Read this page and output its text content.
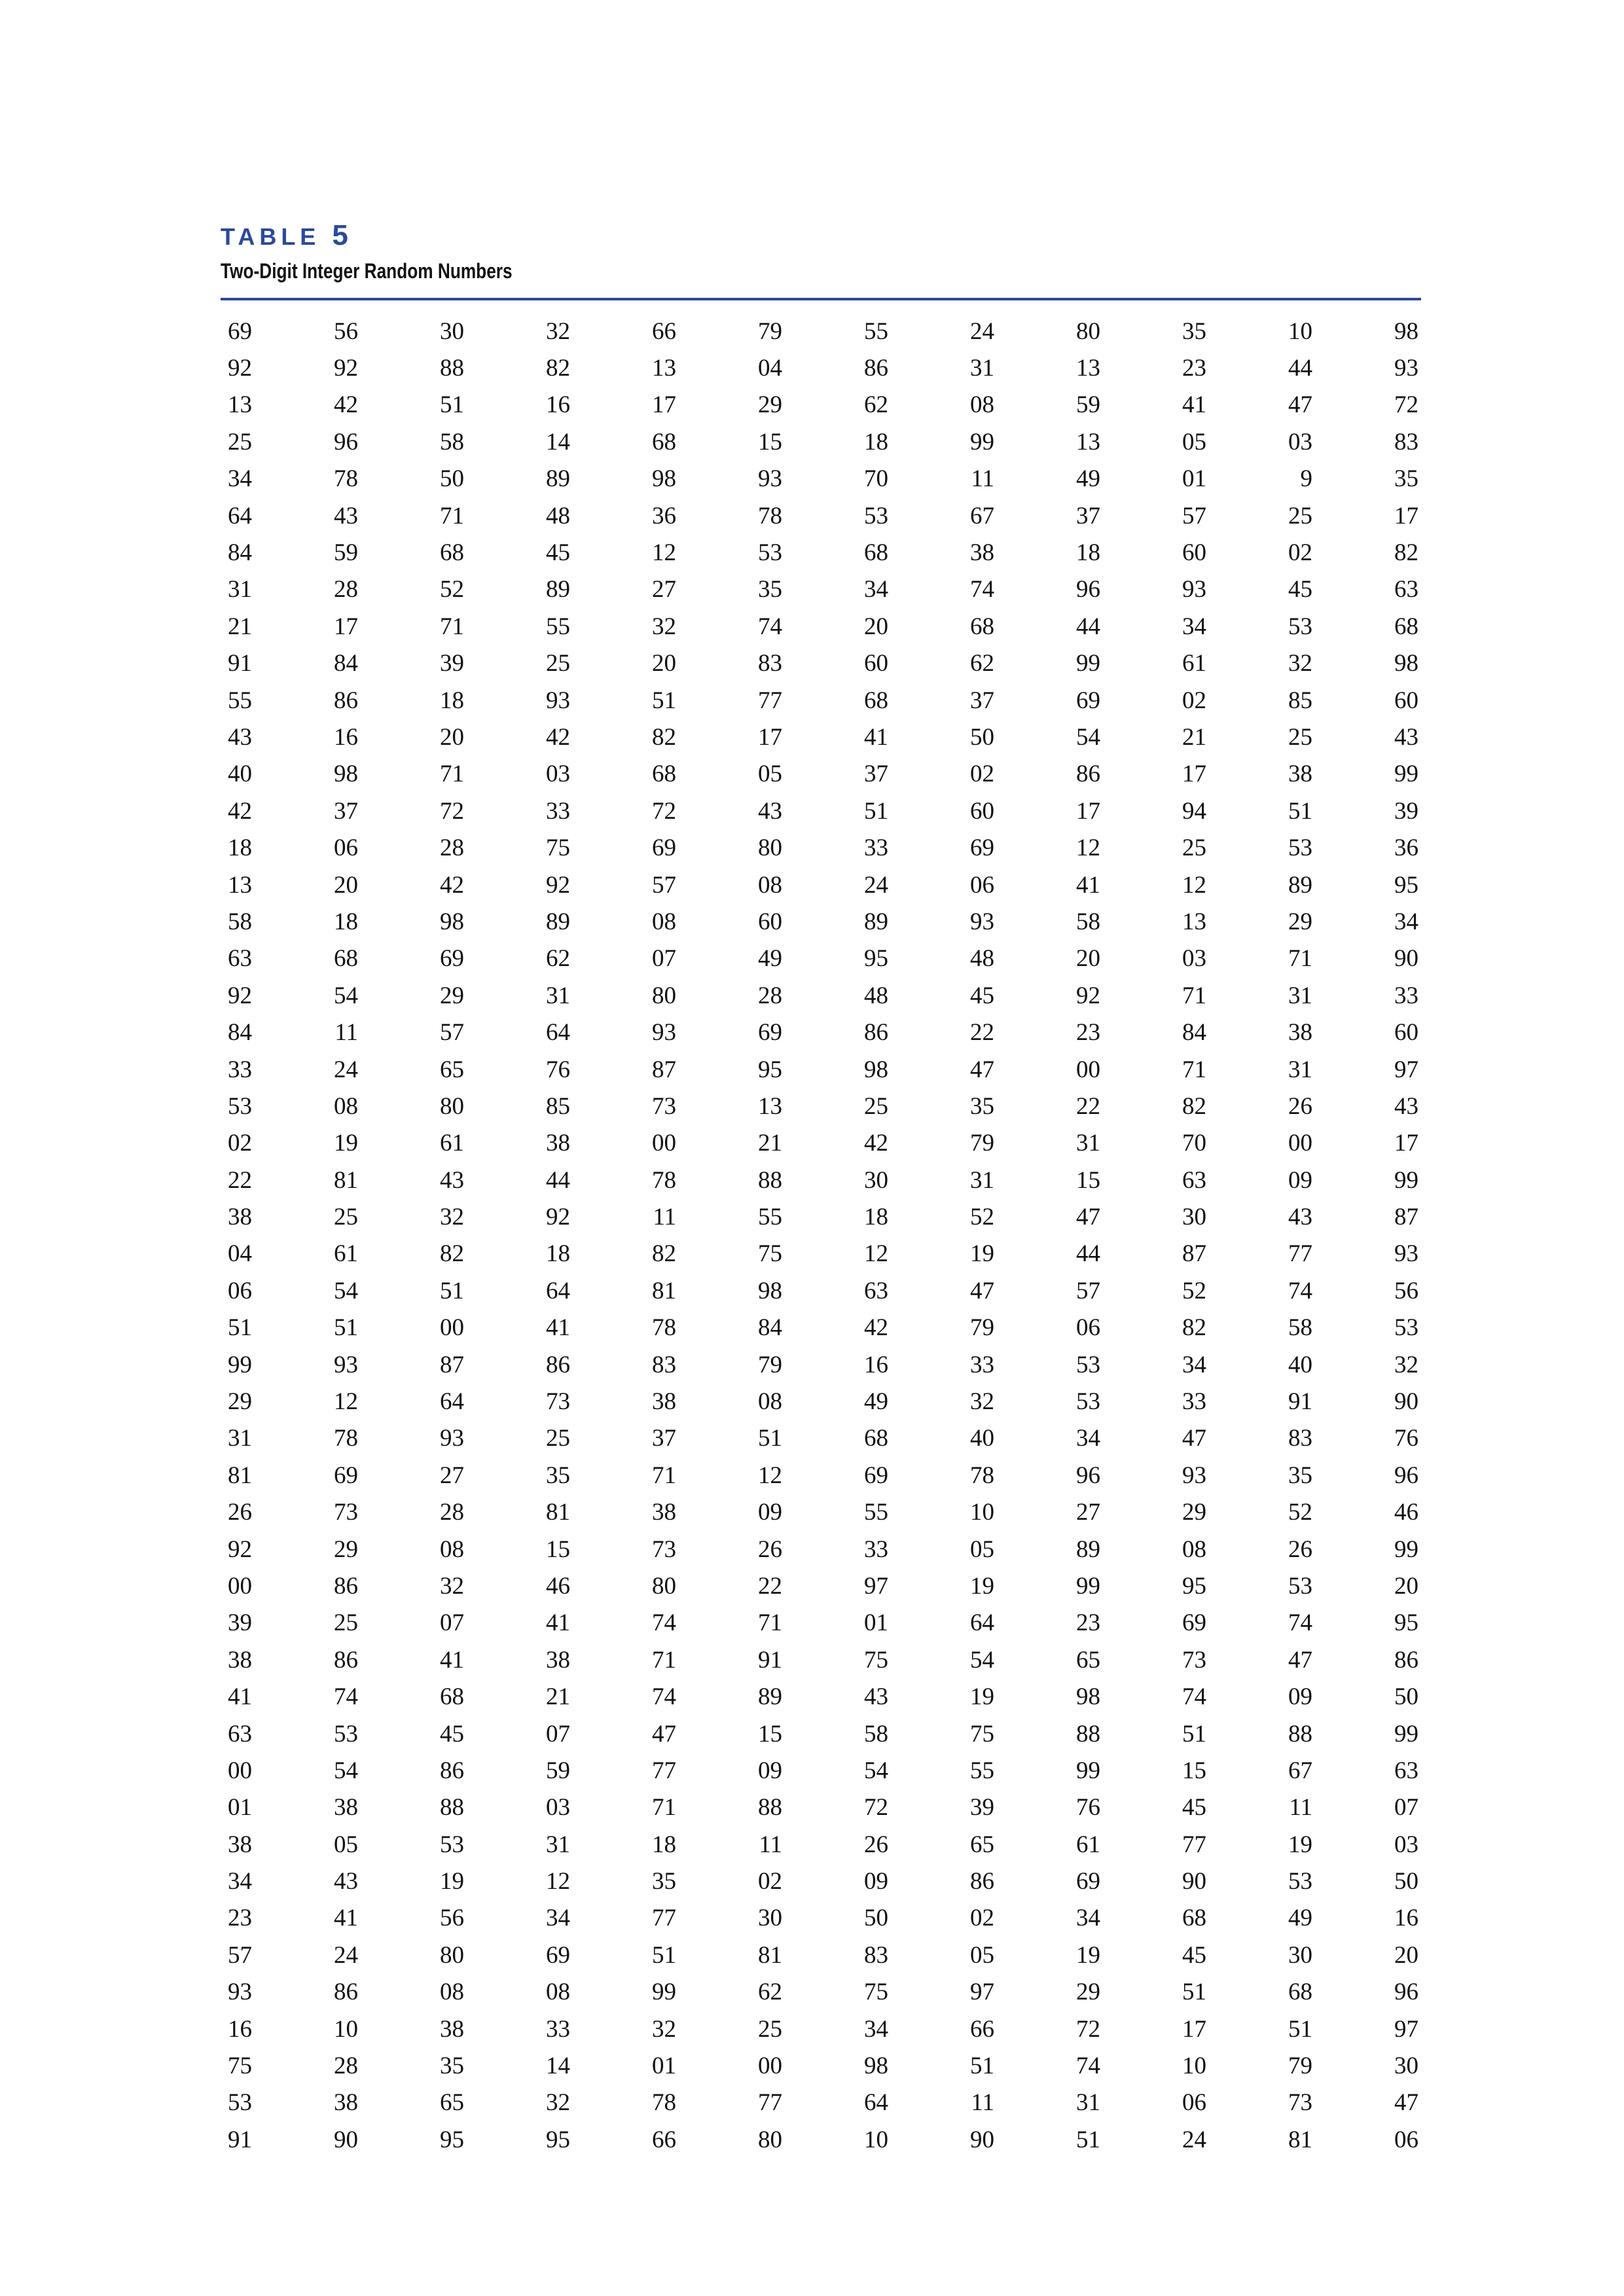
TABLE 5
Two-Digit Integer Random Numbers
69	56	30	32	66	79	55	24	80	35	10	98
92	92	88	82	13	04	86	31	13	23	44	93
13	42	51	16	17	29	62	08	59	41	47	72
25	96	58	14	68	15	18	99	13	05	03	83
34	78	50	89	98	93	70	11	49	01	9	35
64	43	71	48	36	78	53	67	37	57	25	17
84	59	68	45	12	53	68	38	18	60	02	82
31	28	52	89	27	35	34	74	96	93	45	63
21	17	71	55	32	74	20	68	44	34	53	68
91	84	39	25	20	83	60	62	99	61	32	98
55	86	18	93	51	77	68	37	69	02	85	60
43	16	20	42	82	17	41	50	54	21	25	43
40	98	71	03	68	05	37	02	86	17	38	99
42	37	72	33	72	43	51	60	17	94	51	39
18	06	28	75	69	80	33	69	12	25	53	36
13	20	42	92	57	08	24	06	41	12	89	95
58	18	98	89	08	60	89	93	58	13	29	34
63	68	69	62	07	49	95	48	20	03	71	90
92	54	29	31	80	28	48	45	92	71	31	33
84	11	57	64	93	69	86	22	23	84	38	60
33	24	65	76	87	95	98	47	00	71	31	97
53	08	80	85	73	13	25	35	22	82	26	43
02	19	61	38	00	21	42	79	31	70	00	17
22	81	43	44	78	88	30	31	15	63	09	99
38	25	32	92	11	55	18	52	47	30	43	87
04	61	82	18	82	75	12	19	44	87	77	93
06	54	51	64	81	98	63	47	57	52	74	56
51	51	00	41	78	84	42	79	06	82	58	53
99	93	87	86	83	79	16	33	53	34	40	32
29	12	64	73	38	08	49	32	53	33	91	90
31	78	93	25	37	51	68	40	34	47	83	76
81	69	27	35	71	12	69	78	96	93	35	96
26	73	28	81	38	09	55	10	27	29	52	46
92	29	08	15	73	26	33	05	89	08	26	99
00	86	32	46	80	22	97	19	99	95	53	20
39	25	07	41	74	71	01	64	23	69	74	95
38	86	41	38	71	91	75	54	65	73	47	86
41	74	68	21	74	89	43	19	98	74	09	50
63	53	45	07	47	15	58	75	88	51	88	99
00	54	86	59	77	09	54	55	99	15	67	63
01	38	88	03	71	88	72	39	76	45	11	07
38	05	53	31	18	11	26	65	61	77	19	03
34	43	19	12	35	02	09	86	69	90	53	50
23	41	56	34	77	30	50	02	34	68	49	16
57	24	80	69	51	81	83	05	19	45	30	20
93	86	08	08	99	62	75	97	29	51	68	96
16	10	38	33	32	25	34	66	72	17	51	97
75	28	35	14	01	00	98	51	74	10	79	30
53	38	65	32	78	77	64	11	31	06	73	47
91	90	95	95	66	80	10	90	51	24	81	06
